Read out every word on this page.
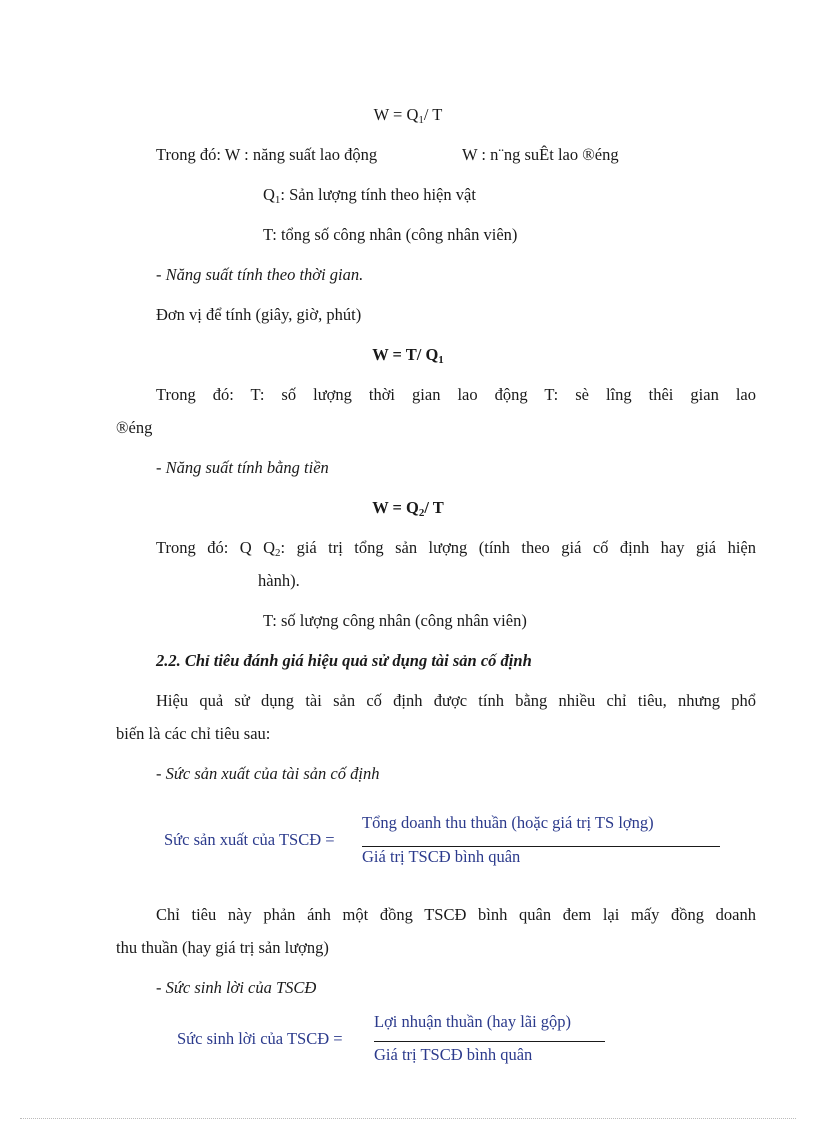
$W = Q_1/$ T
Trong đó: W : năng suất lao động	W : n¨ng suÊt lao ®éng
$Q_1$: Sản lượng tính theo hiện vật
T: tổng số công nhân (công nhân viên)
- Năng suất tính theo thời gian.
Đơn vị để tính (giây, giờ, phút)
W = T/ $Q_1$
Trong đó: T: số lượng thời gian lao động T: sè lîng thêi gian lao
®éng
- Năng suất tính bằng tiền
$W = Q_2/$ T
Trong đó: Q $Q_2$: giá trị tổng sản lượng (tính theo giá cố định hay giá hiện
hành).
T: số lượng công nhân (công nhân viên)
2.2. Chỉ tiêu đánh giá hiệu quả sử dụng tài sản cố định
Hiệu quả sử dụng tài sản cố định được tính bằng nhiều chỉ tiêu, nhưng phổ
biến là các chỉ tiêu sau:
- Sức sản xuất của tài sản cố định
Sức sản xuất của TSCĐ =
Tổng doanh thu thuần (hoặc giá trị TS lợng)
Giá trị TSCĐ bình quân
Chỉ tiêu này phản ánh một đồng TSCĐ bình quân đem lại mấy đồng doanh
thu thuần (hay giá trị sản lượng)
- Sức sinh lời của TSCĐ
Sức sinh lời của TSCĐ =
Lợi nhuận thuần (hay lãi gộp)
Giá trị TSCĐ bình quân
